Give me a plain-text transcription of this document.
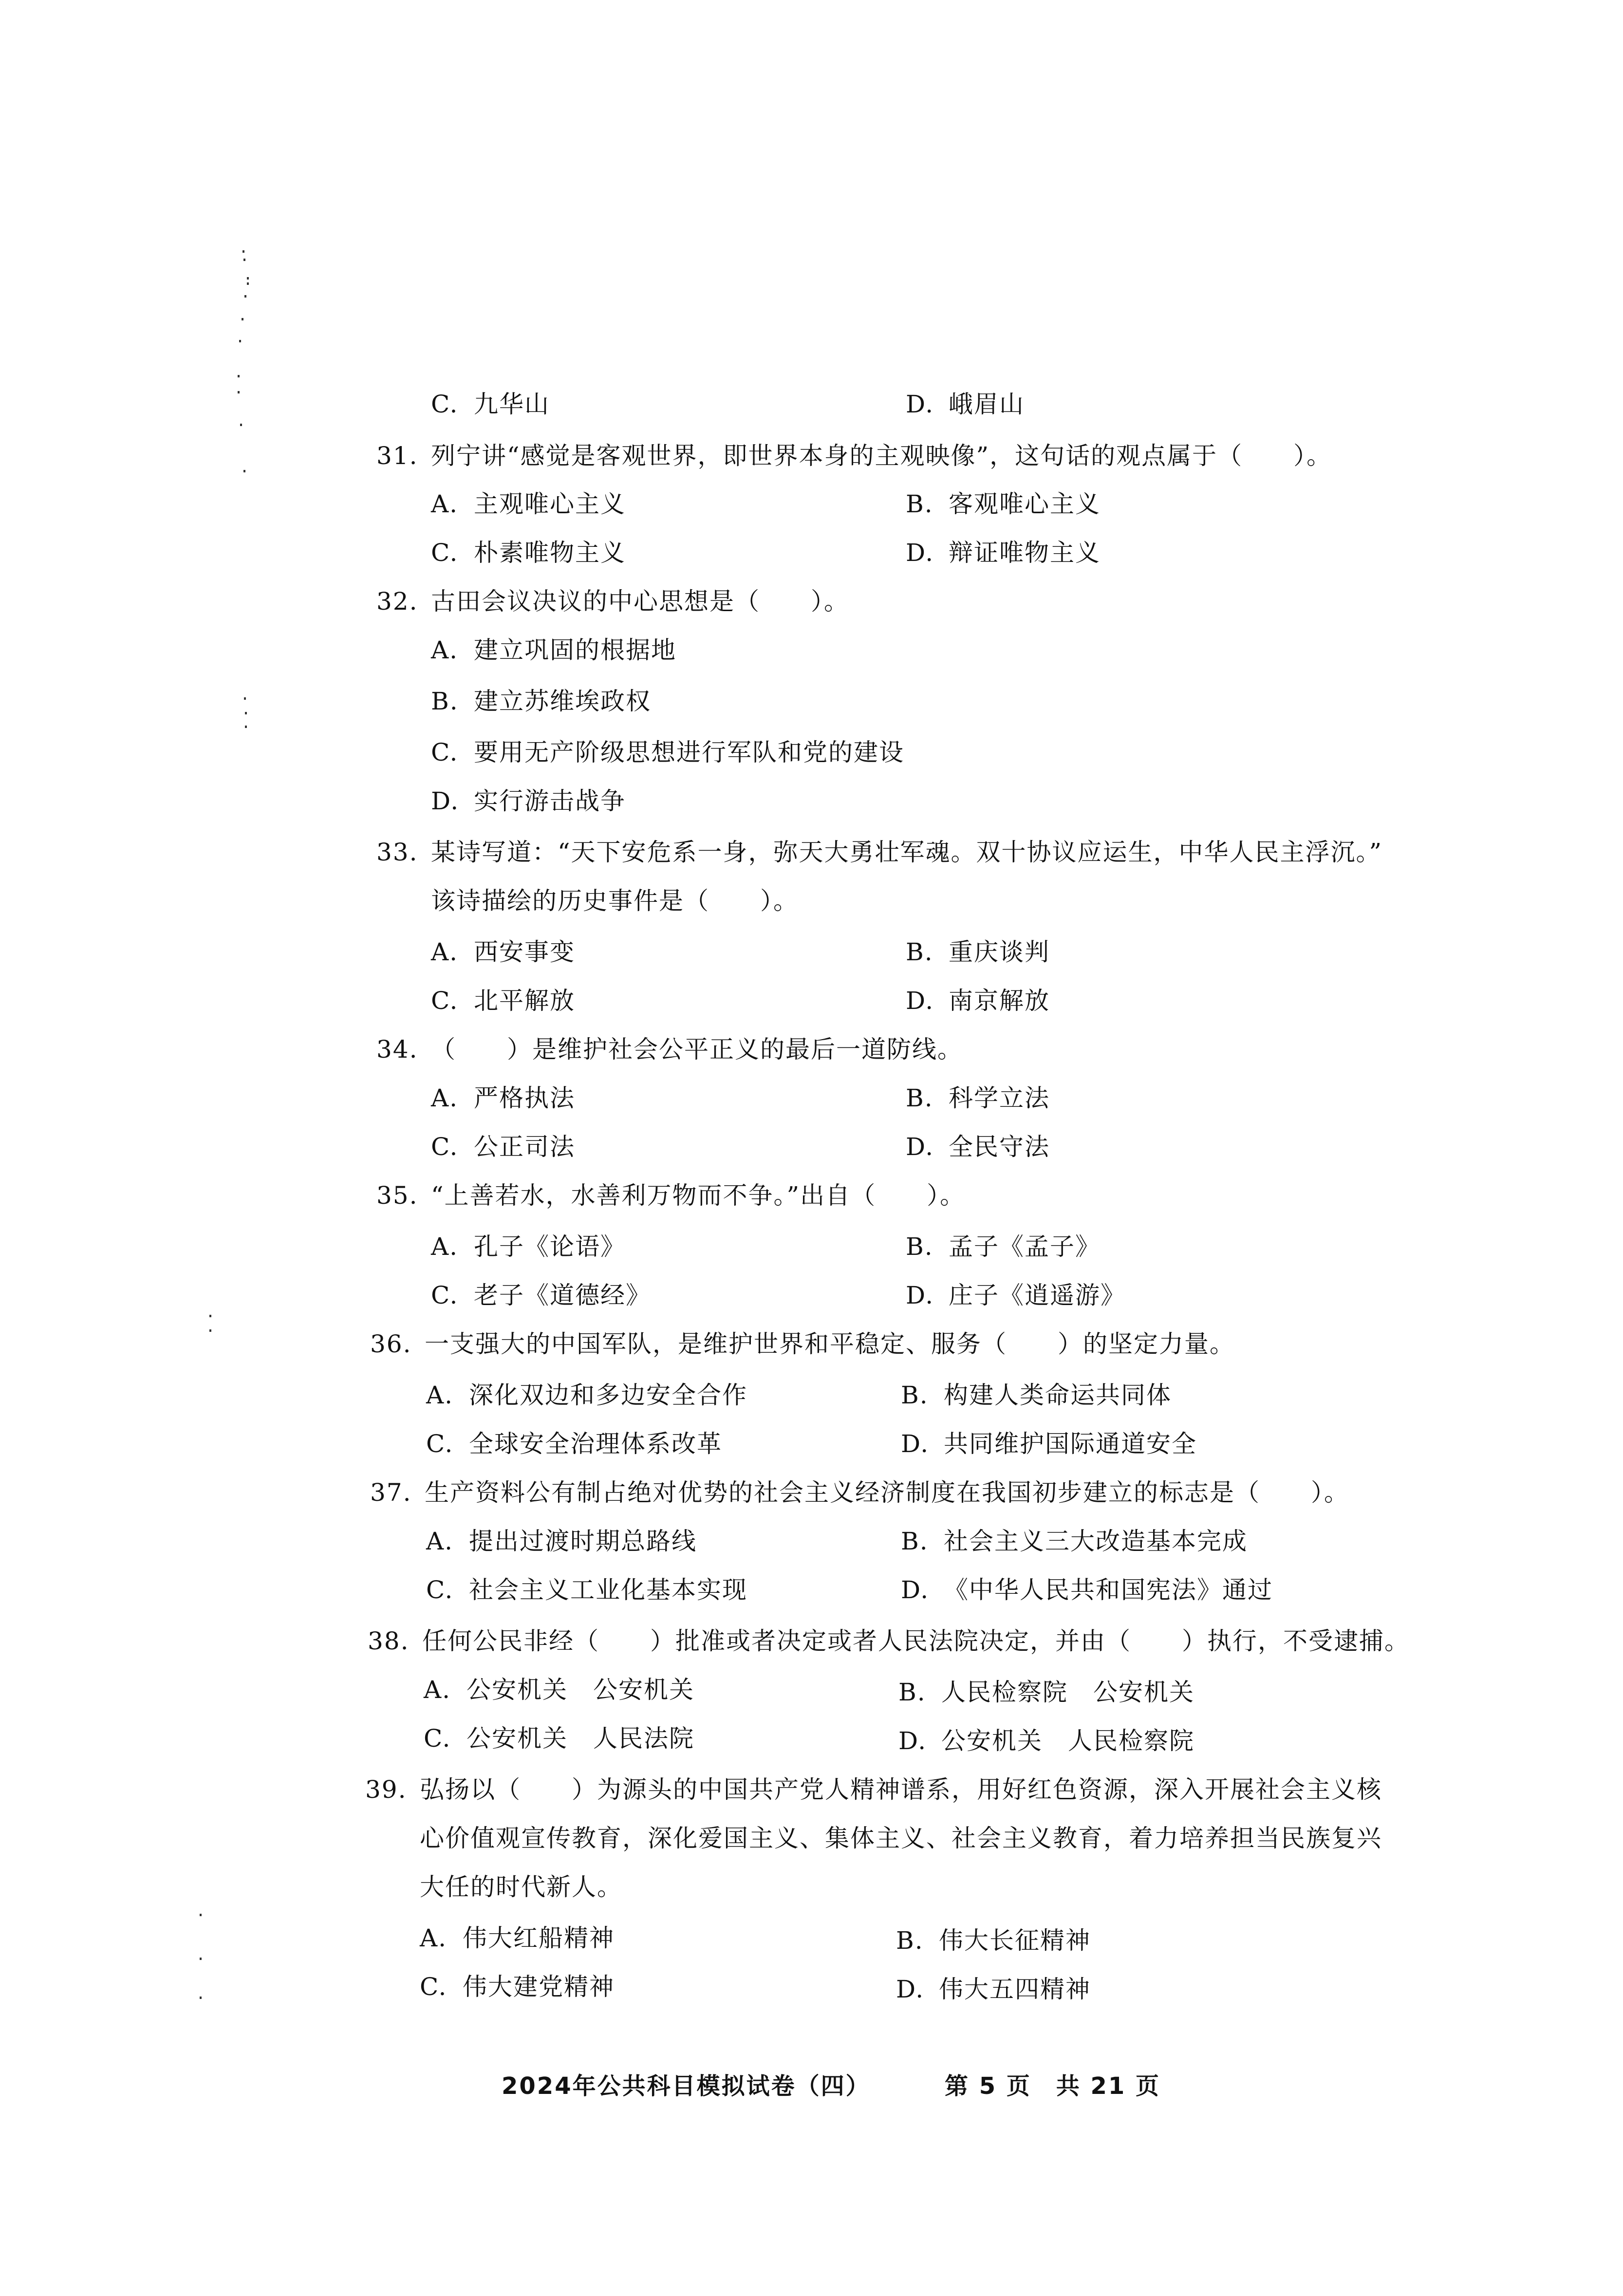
C. 九华山	D. 峨眉山
31. 列宁讲“感觉是客观世界，即世界本身的主观映像”，这句话的观点属于（　　）。
A. 主观唯心主义	B. 客观唯心主义
C. 朴素唯物主义	D. 辩证唯物主义
32. 古田会议决议的中心思想是（　　）。
A. 建立巩固的根据地
B. 建立苏维埃政权
C. 要用无产阶级思想进行军队和党的建设
D. 实行游击战争
33. 某诗写道：“天下安危系一身，弥天大勇壮军魂。双十协议应运生，中华人民主浮沉。”
该诗描绘的历史事件是（　　）。
A. 西安事变	B. 重庆谈判
C. 北平解放	D. 南京解放
34. （　　）是维护社会公平正义的最后一道防线。
A. 严格执法	B. 科学立法
C. 公正司法	D. 全民守法
35. “上善若水，水善利万物而不争。”出自（　　）。
A. 孔子《论语》	B. 孟子《孟子》
C. 老子《道德经》	D. 庄子《逍遥游》
36. 一支强大的中国军队，是维护世界和平稳定、服务（　　）的坚定力量。
A. 深化双边和多边安全合作	B. 构建人类命运共同体
C. 全球安全治理体系改革	D. 共同维护国际通道安全
37. 生产资料公有制占绝对优势的社会主义经济制度在我国初步建立的标志是（　　）。
A. 提出过渡时期总路线	B. 社会主义三大改造基本完成
C. 社会主义工业化基本实现	D. 《中华人民共和国宪法》通过
38. 任何公民非经（　　）批准或者决定或者人民法院决定，并由（　　）执行，不受逮捕。
A. 公安机关　公安机关	B. 人民检察院　公安机关
C. 公安机关　人民法院	D. 公安机关　人民检察院
39. 弘扬以（　　）为源头的中国共产党人精神谱系，用好红色资源，深入开展社会主义核
心价值观宣传教育，深化爱国主义、集体主义、社会主义教育，着力培养担当民族复兴
大任的时代新人。
A. 伟大红船精神	B. 伟大长征精神
C. 伟大建党精神	D. 伟大五四精神
2024年公共科目模拟试卷（四）	第 5 页　共 21 页
